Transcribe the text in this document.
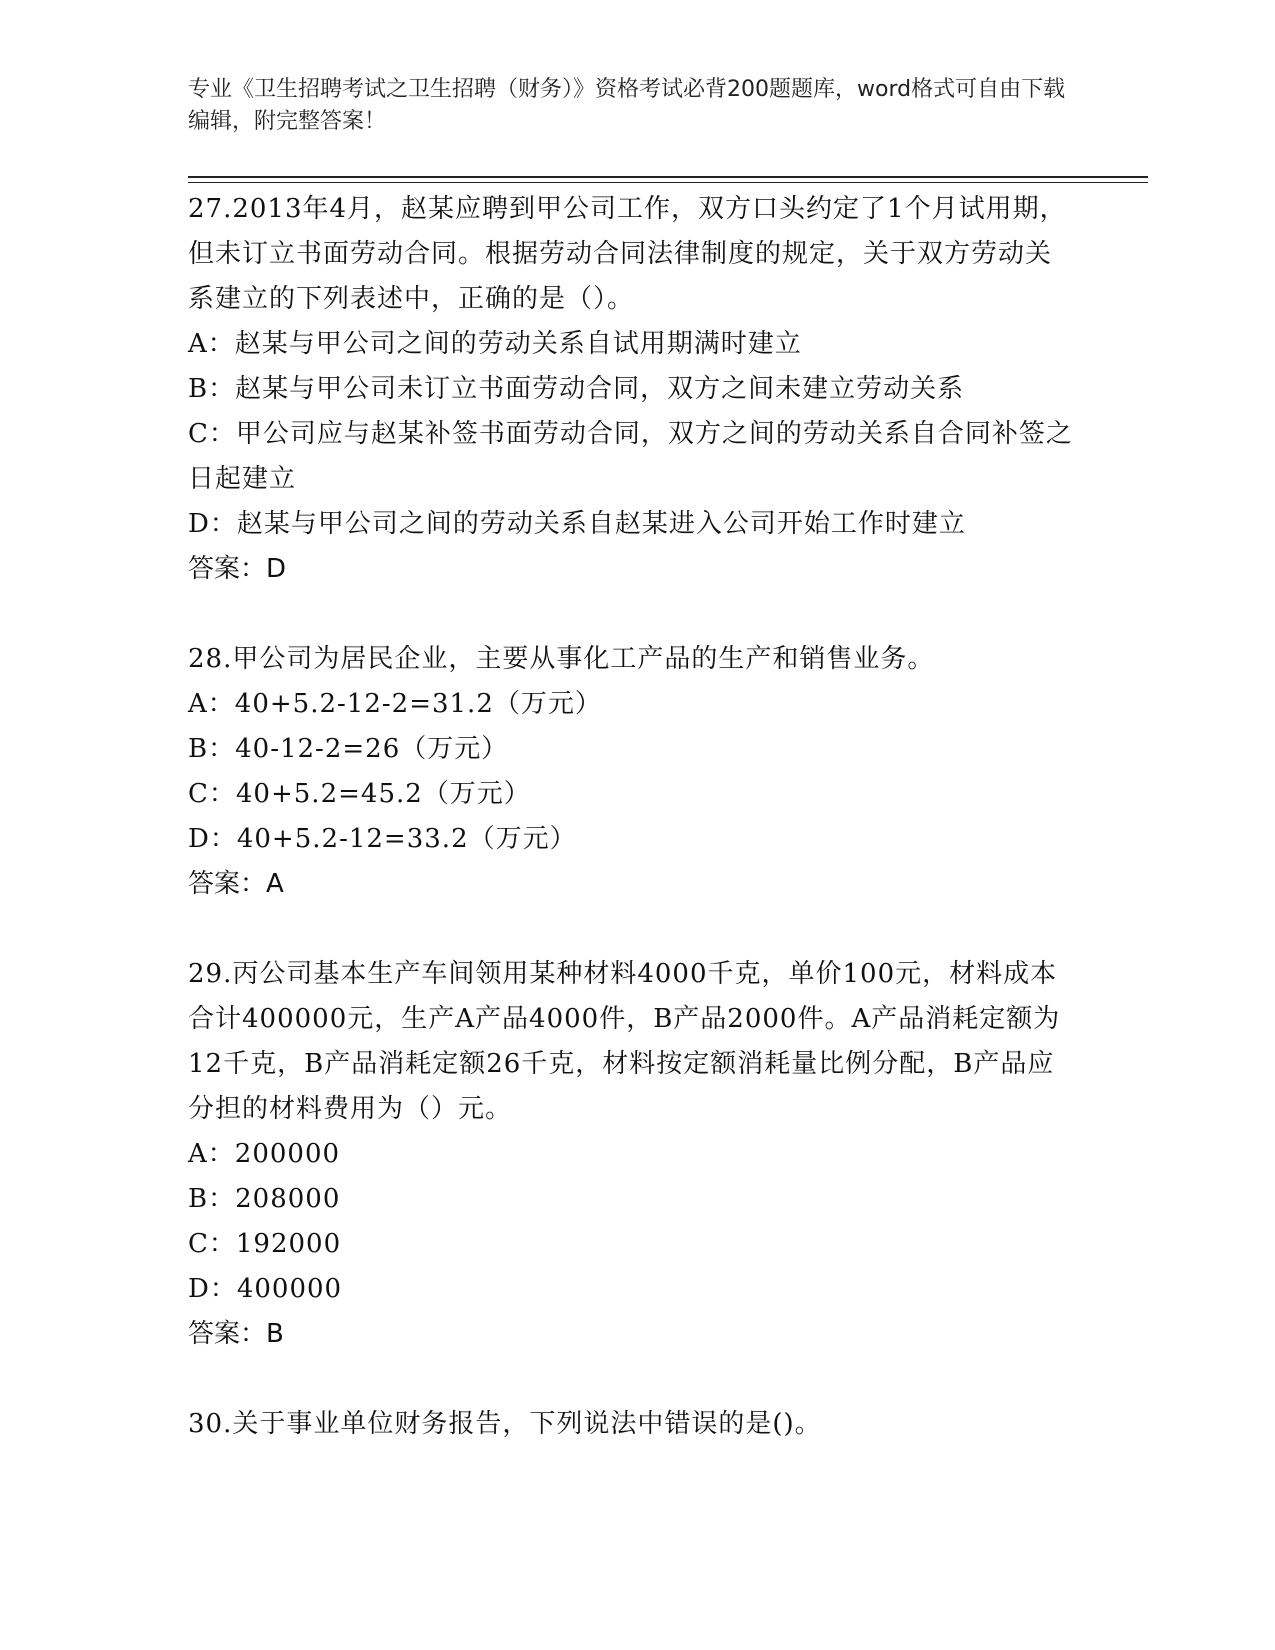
专业《卫生招聘考试之卫生招聘（财务）》资格考试必背200题题库，word格式可自由下载编辑，附完整答案！

27.2013年4月，赵某应聘到甲公司工作，双方口头约定了1个月试用期，但未订立书面劳动合同。根据劳动合同法律制度的规定，关于双方劳动关系建立的下列表述中，正确的是（）。

A：赵某与甲公司之间的劳动关系自试用期满时建立

B：赵某与甲公司未订立书面劳动合同，双方之间未建立劳动关系

C：甲公司应与赵某补签书面劳动合同，双方之间的劳动关系自合同补签之日起建立

D：赵某与甲公司之间的劳动关系自赵某进入公司开始工作时建立

答案：D

28.甲公司为居民企业，主要从事化工产品的生产和销售业务。

A：40+5.2-12-2=31.2（万元）

B：40-12-2=26（万元）

C：40+5.2=45.2（万元）

D：40+5.2-12=33.2（万元）

答案：A

29.丙公司基本生产车间领用某种材料4000千克，单价100元，材料成本合计400000元，生产A产品4000件，B产品2000件。A产品消耗定额为12千克，B产品消耗定额26千克，材料按定额消耗量比例分配，B产品应分担的材料费用为（）元。

A：200000

B：208000

C：192000

D：400000

答案：B

30.关于事业单位财务报告，下列说法中错误的是()。
